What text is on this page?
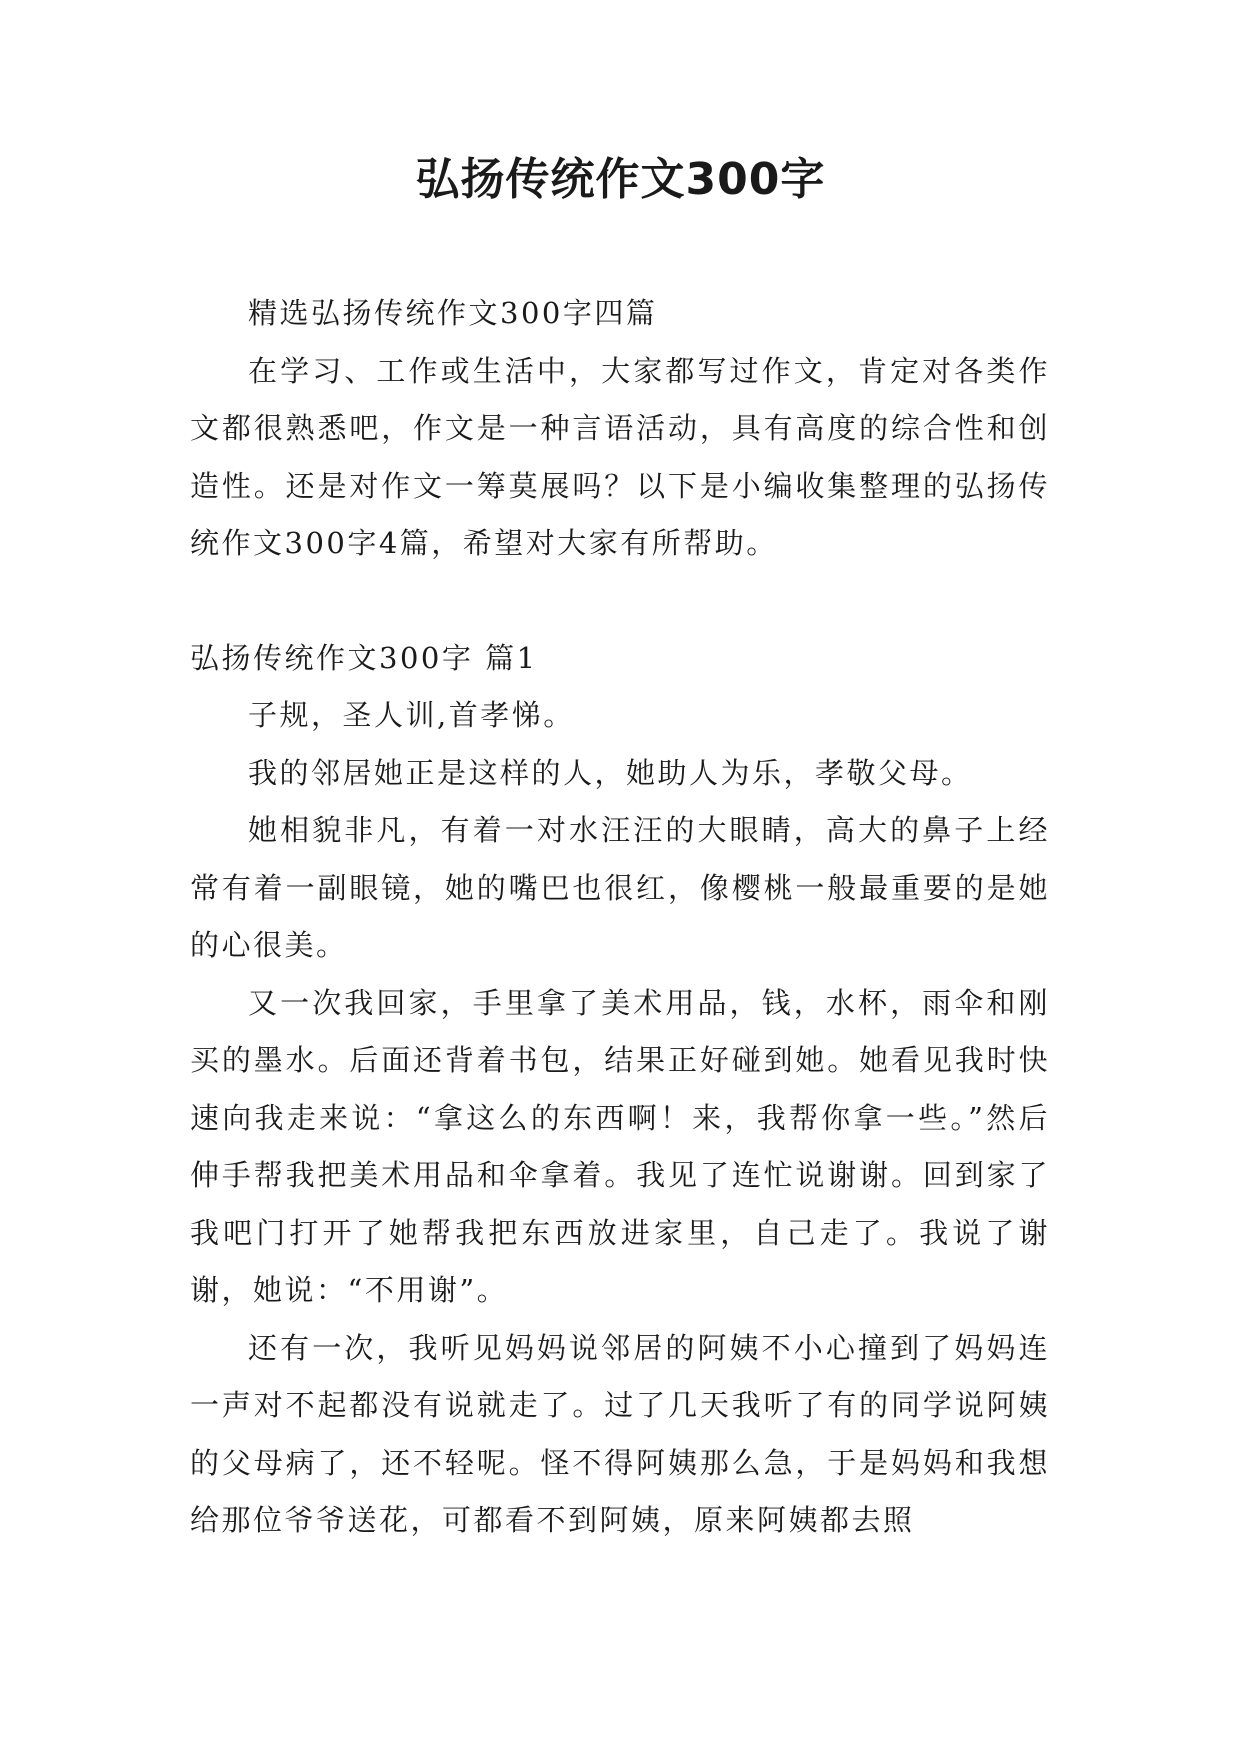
弘扬传统作文300字

精选弘扬传统作文300字四篇

在学习、工作或生活中，大家都写过作文，肯定对各类作文都很熟悉吧，作文是一种言语活动，具有高度的综合性和创造性。还是对作文一筹莫展吗？以下是小编收集整理的弘扬传统作文300字4篇，希望对大家有所帮助。

弘扬传统作文300字 篇1

子规，圣人训,首孝悌。

我的邻居她正是这样的人，她助人为乐，孝敬父母。

她相貌非凡，有着一对水汪汪的大眼睛，高大的鼻子上经常有着一副眼镜，她的嘴巴也很红，像樱桃一般最重要的是她的心很美。

又一次我回家，手里拿了美术用品，钱，水杯，雨伞和刚买的墨水。后面还背着书包，结果正好碰到她。她看见我时快速向我走来说：“拿这么的东西啊！来，我帮你拿一些。”然后伸手帮我把美术用品和伞拿着。我见了连忙说谢谢。回到家了我吧门打开了她帮我把东西放进家里，自己走了。我说了谢谢，她说：“不用谢”。

还有一次，我听见妈妈说邻居的阿姨不小心撞到了妈妈连一声对不起都没有说就走了。过了几天我听了有的同学说阿姨的父母病了，还不轻呢。怪不得阿姨那么急，于是妈妈和我想给那位爷爷送花，可都看不到阿姨，原来阿姨都去照
